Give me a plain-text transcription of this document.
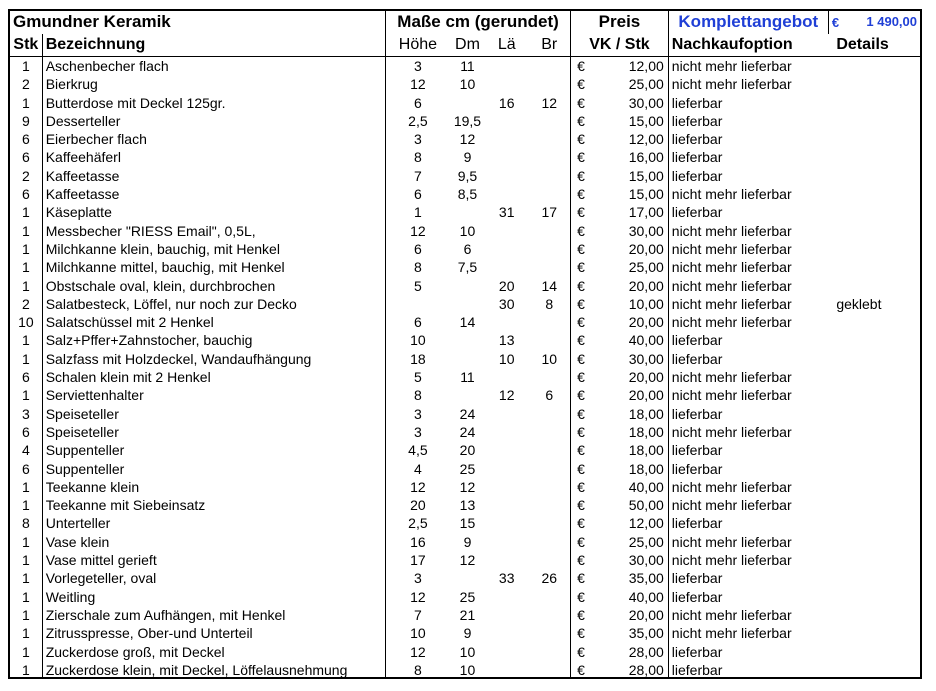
Gmundner Keramik		Maße cm (gerundet)				Preis		Komplettangebot	€ 1 490,00

Stk	Bezeichnung	Höhe	Dm	Lä	Br	VK / Stk		Nachkaufoption	Details
1	Aschenbecher flach	3	11			€	12,00	nicht mehr lieferbar	
2	Bierkrug	12	10			€	25,00	nicht mehr lieferbar	
1	Butterdose mit Deckel 125gr.	6		16	12	€	30,00	lieferbar	
9	Desserteller	2,5	19,5			€	15,00	lieferbar	
6	Eierbecher flach	3	12			€	12,00	lieferbar	
6	Kaffeehäferl	8	9			€	16,00	lieferbar	
2	Kaffeetasse	7	9,5			€	15,00	lieferbar	
6	Kaffeetasse	6	8,5			€	15,00	nicht mehr lieferbar	
1	Käseplatte	1		31	17	€	17,00	lieferbar	
1	Messbecher "RIESS Email", 0,5L,	12	10			€	30,00	nicht mehr lieferbar	
1	Milchkanne klein, bauchig, mit Henkel	6	6			€	20,00	nicht mehr lieferbar	
1	Milchkanne mittel, bauchig, mit Henkel	8	7,5			€	25,00	nicht mehr lieferbar	
1	Obstschale oval, klein, durchbrochen	5		20	14	€	20,00	nicht mehr lieferbar	
2	Salatbesteck, Löffel, nur noch zur Decko			30	8	€	10,00	nicht mehr lieferbar	geklebt
10	Salatschüssel mit 2 Henkel	6	14			€	20,00	nicht mehr lieferbar	
1	Salz+Pffer+Zahnstocher, bauchig	10		13		€	40,00	lieferbar	
1	Salzfass mit Holzdeckel, Wandaufhängung	18		10	10	€	30,00	lieferbar	
6	Schalen klein mit 2 Henkel	5	11			€	20,00	nicht mehr lieferbar	
1	Serviettenhalter	8		12	6	€	20,00	nicht mehr lieferbar	
3	Speiseteller	3	24			€	18,00	lieferbar	
6	Speiseteller	3	24			€	18,00	nicht mehr lieferbar	
4	Suppenteller	4,5	20			€	18,00	lieferbar	
6	Suppenteller	4	25			€	18,00	lieferbar	
1	Teekanne klein	12	12			€	40,00	nicht mehr lieferbar	
1	Teekanne mit Siebeinsatz	20	13			€	50,00	nicht mehr lieferbar	
8	Unterteller	2,5	15			€	12,00	lieferbar	
1	Vase klein	16	9			€	25,00	nicht mehr lieferbar	
1	Vase mittel gerieft	17	12			€	30,00	nicht mehr lieferbar	
1	Vorlegeteller, oval	3		33	26	€	35,00	lieferbar	
1	Weitling	12	25			€	40,00	lieferbar	
1	Zierschale zum Aufhängen, mit Henkel	7	21			€	20,00	nicht mehr lieferbar	
1	Zitrusspresse, Ober-und Unterteil	10	9			€	35,00	nicht mehr lieferbar	
1	Zuckerdose groß, mit Deckel	12	10			€	28,00	lieferbar	
1	Zuckerdose klein, mit Deckel, Löffelausnehmung	8	10			€	28,00	lieferbar	
